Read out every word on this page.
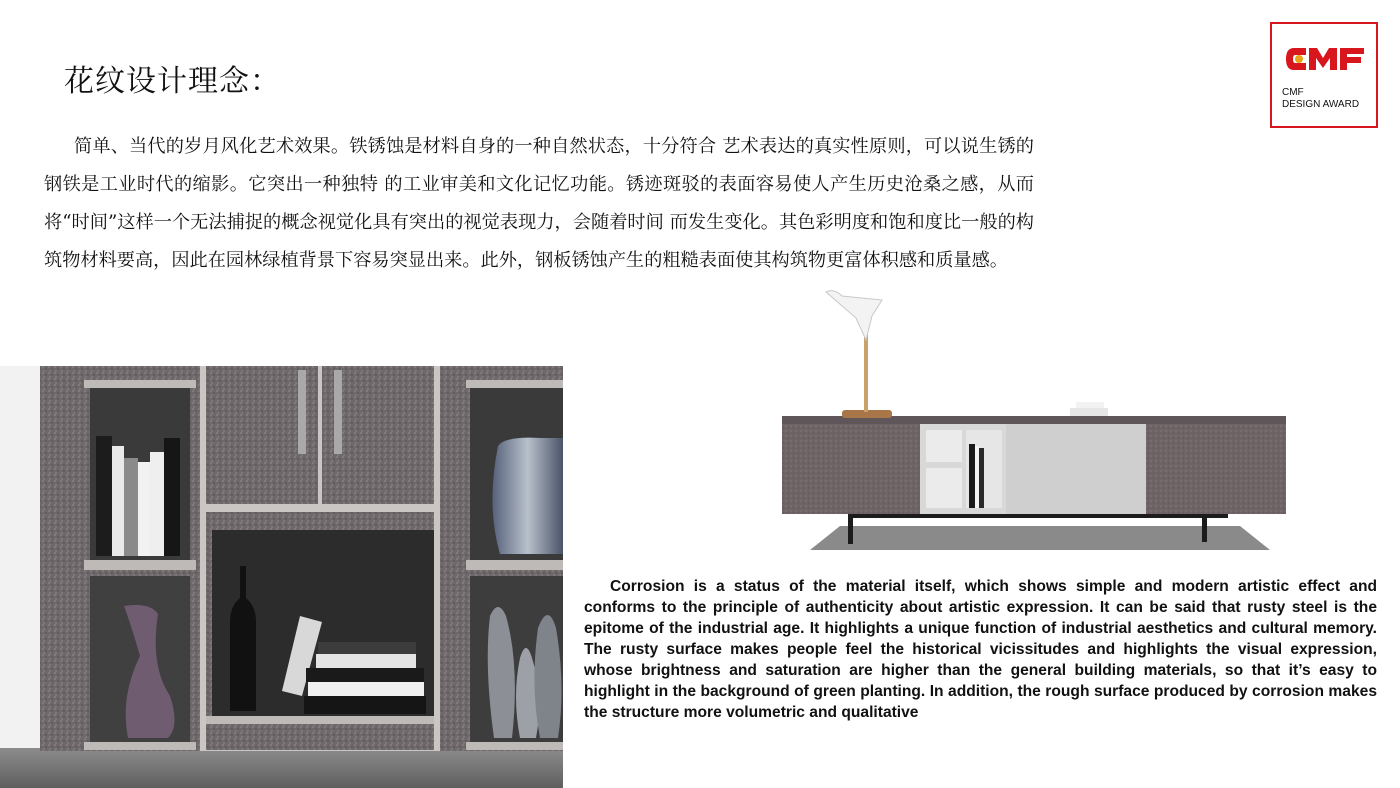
花纹设计理念：
简单、当代的岁月风化艺术效果。铁锈蚀是材料自身的一种自然状态，十分符合 艺术表达的真实性原则，可以说生锈的钢铁是工业时代的缩影。它突出一种独特 的工业审美和文化记忆功能。锈迹斑驳的表面容易使人产生历史沧桑之感，从而 将“时间”这样一个无法捕捉的概念视觉化具有突出的视觉表现力，会随着时间 而发生变化。其色彩明度和饱和度比一般的构筑物材料要高，因此在园林绿植背景下容易突显出来。此外，钢板锈蚀产生的粗糙表面使其构筑物更富体积感和质量感。
CMF
DESIGN AWARD
Corrosion is a status of the material itself, which shows simple and modern artistic effect and conforms to the principle of authenticity about artistic expression. It can be said that rusty steel is the epitome of the industrial age. It highlights a unique function of industrial aesthetics and cultural memory. The rusty surface makes people feel the historical vicissitudes and highlights the visual expression, whose brightness and saturation are higher than the general building materials, so that it’s easy to highlight in the background of green planting. In addition, the rough surface produced by corrosion makes the structure more volumetric and qualitative
